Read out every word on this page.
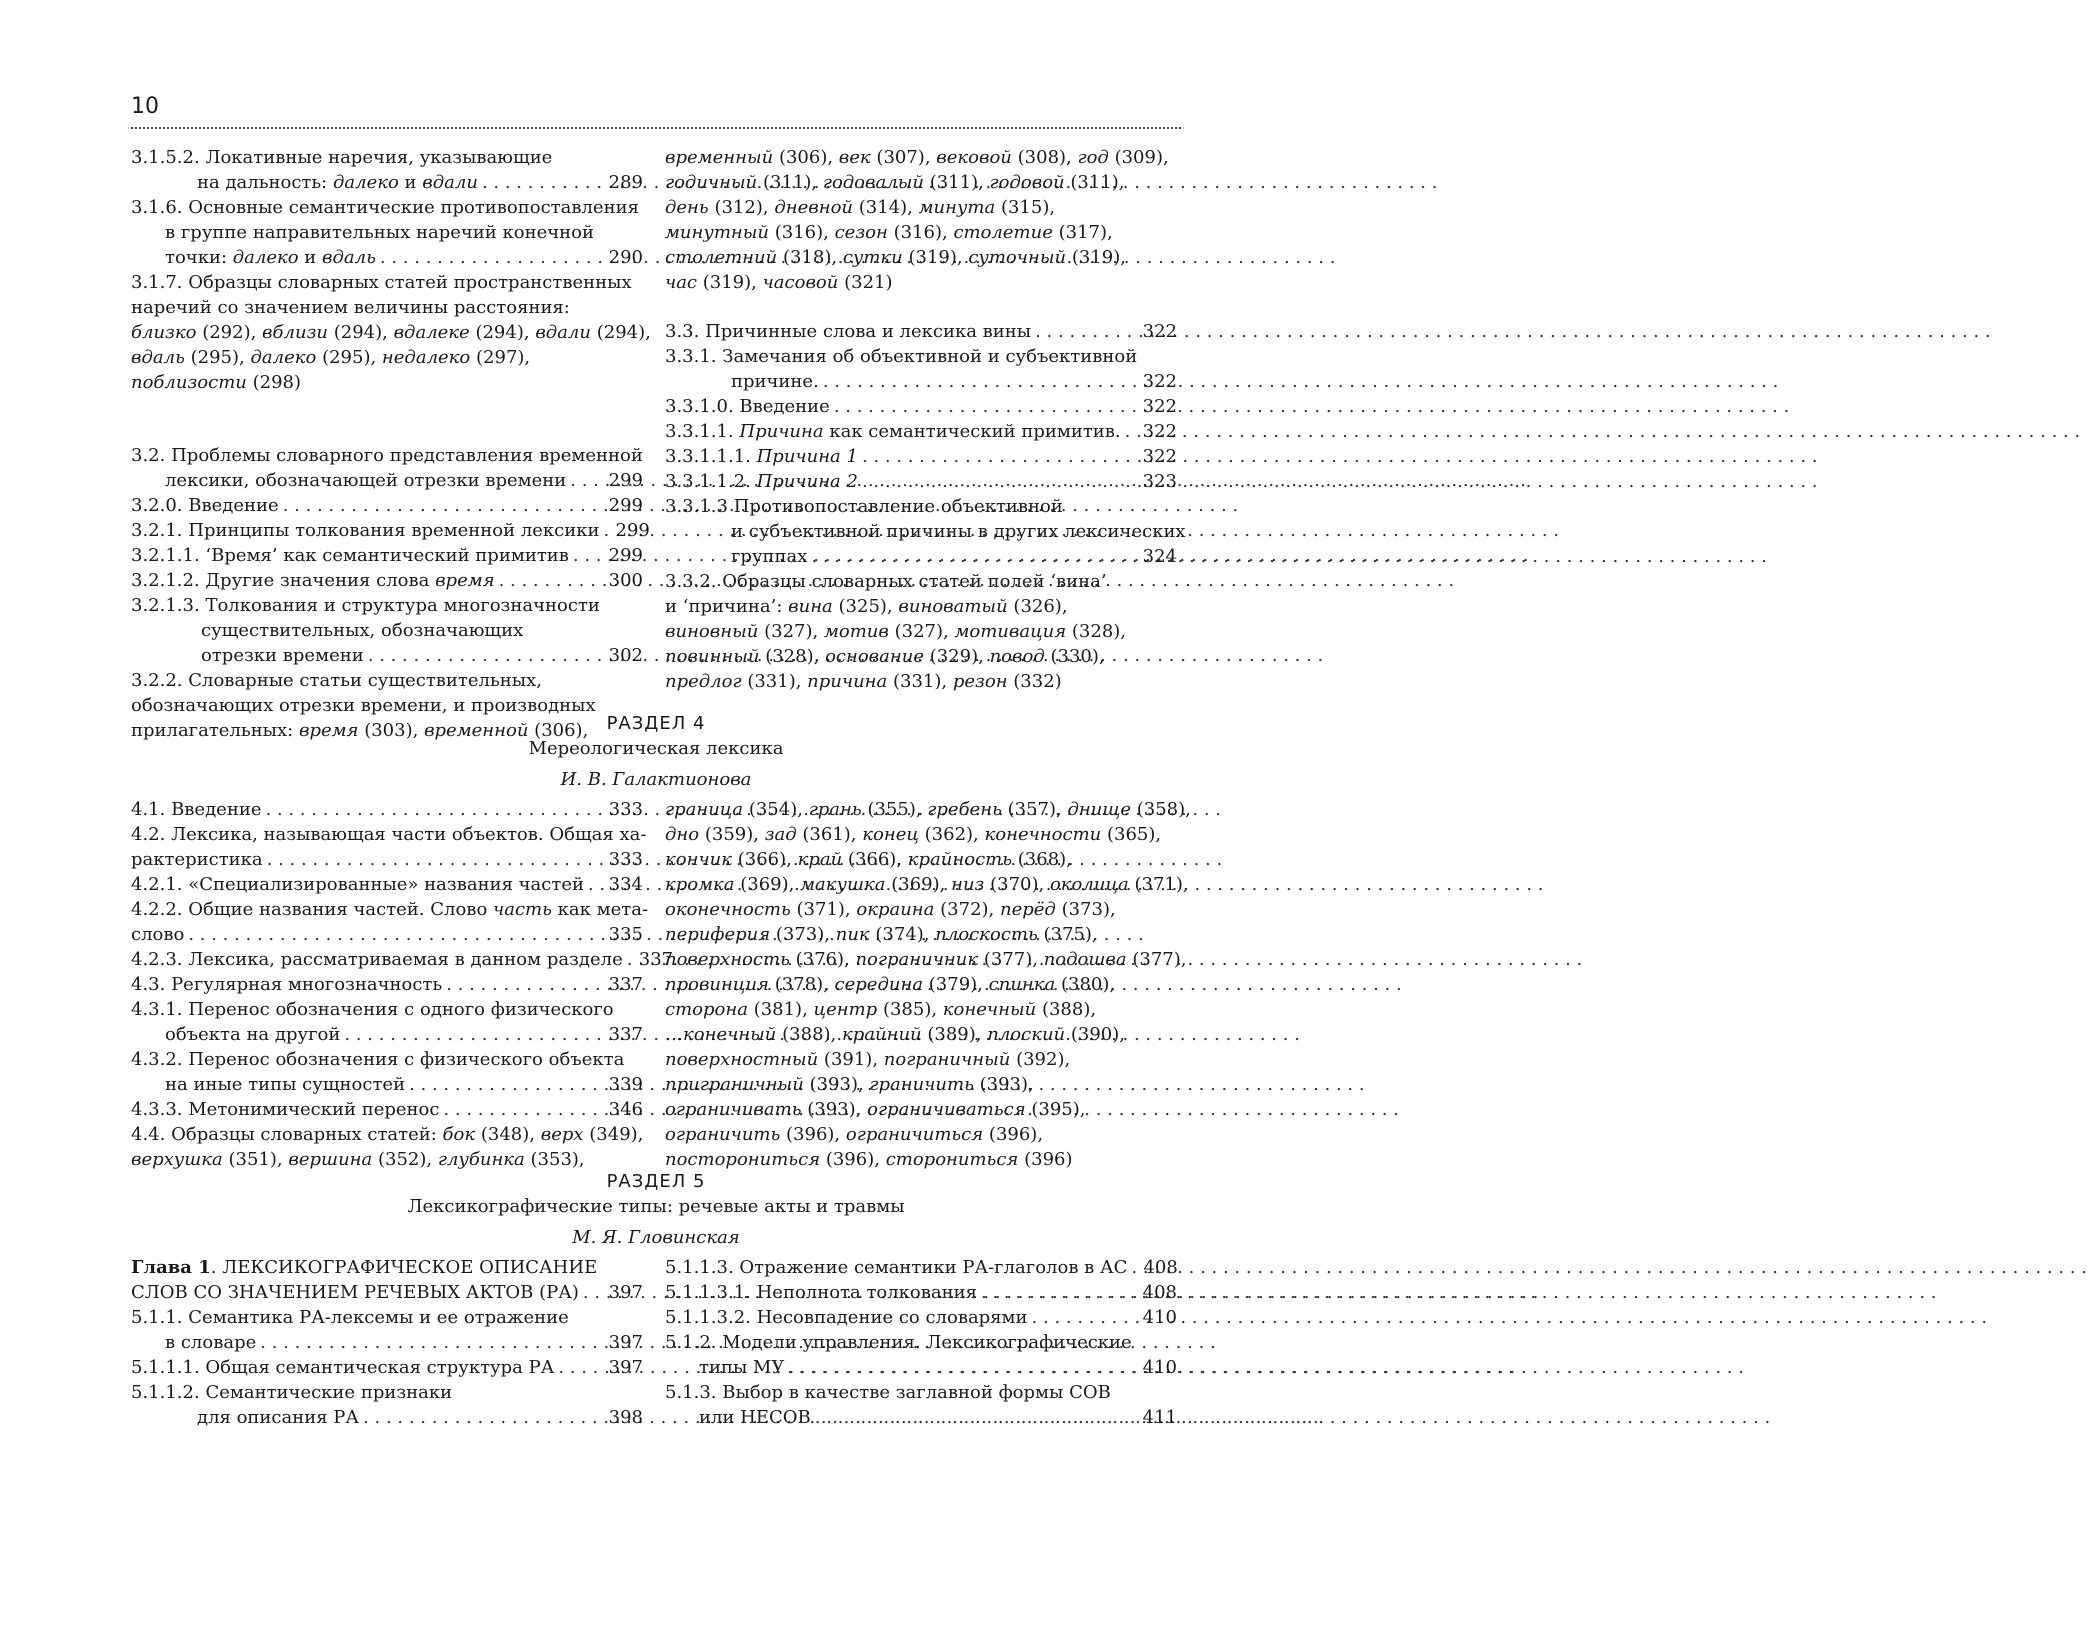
10
3.1.5.2. Локативные наречия, указывающие
на дальность: далеко и вдали . . .	289
3.1.6. Основные семантические противопоставления
в группе направительных наречий конечной
точки: далеко и вдаль . . .	290
3.1.7. Образцы словарных статей пространственных
наречий со значением величины расстояния:
близко (292), вблизи (294), вдалеке (294), вдали (294),
вдаль (295), далеко (295), недалеко (297),
поблизости (298)
3.2. Проблемы словарного представления временной
лексики, обозначающей отрезки времени . . . 299
3.2.0. Введение . . .	299
3.2.1. Принципы толкования временной лексики . . . 299
3.2.1.1. ‘Время’ как семантический примитив . . . 299
3.2.1.2. Другие значения слова время . . .	300
3.2.1.3. Толкования и структура многозначности
существительных, обозначающих
отрезки времени . . .	302
3.2.2. Словарные статьи существительных,
обозначающих отрезки времени, и производных
прилагательных: время (303), временной (306),
временный (306), век (307), вековой (308), год (309),
годичный (311), годовалый (311), годовой (311),
день (312), дневной (314), минута (315),
минутный (316), сезон (316), столетие (317),
столетний (318), сутки (319), суточный (319),
час (319), часовой (321)
3.3. Причинные слова и лексика вины . . .	322
3.3.1. Замечания об объективной и субъективной
причине. . . .	322
3.3.1.0. Введение . . .	322
3.3.1.1. Причина как семантический примитив. . . . 322
3.3.1.1.1. Причина 1 . . .	322
3.3.1.1.2. Причина 2 . . .	323
3.3.1.3 Противопоставление объективной
и субъективной причины в других лексических
группах . . .	324
3.3.2. Образцы словарных статей полей ‘вина’
и ‘причина’: вина (325), виноватый (326),
виновный (327), мотив (327), мотивация (328),
повинный (328), основание (329), повод (330),
предлог (331), причина (331), резон (332)
РАЗДЕЛ 4
Мереологическая лексика
И. В. Галактионова
4.1. Введение . . .	333
4.2. Лексика, называющая части объектов. Общая ха-
рактеристика . . .	333
4.2.1. «Специализированные» названия частей . . . 334
4.2.2. Общие названия частей. Слово часть как мета-
слово . . .	335
4.2.3. Лексика, рассматриваемая в данном разделе . . . 337
4.3. Регулярная многозначность . . .	337
4.3.1. Перенос обозначения с одного физического
объекта на другой . . .	337
4.3.2. Перенос обозначения с физического объекта
на иные типы сущностей . . .	339
4.3.3. Метонимический перенос . . .	346
4.4. Образцы словарных статей: бок (348), верх (349),
верхушка (351), вершина (352), глубинка (353),
граница (354), грань (355), гребень (357), днище (358),
дно (359), зад (361), конец (362), конечности (365),
кончик (366), край (366), крайность (368),
кромка (369), макушка (369), низ (370), околица (371),
оконечность (371), окраина (372), перёд (373),
периферия (373), пик (374), плоскость (375),
поверхность (376), пограничник (377), подошва (377),
провинция (378), середина (379), спинка (380),
сторона (381), центр (385), конечный (388),
…конечный (388), крайний (389), плоский (390),
поверхностный (391), пограничный (392),
приграничный (393), граничить (393),
ограничивать (393), ограничиваться (395),
ограничить (396), ограничиться (396),
посторониться (396), сторониться (396)
РАЗДЕЛ 5
Лексикографические типы: речевые акты и травмы
М. Я. Гловинская
Глава 1. ЛЕКСИКОГРАФИЧЕСКОЕ ОПИСАНИЕ
СЛОВ СО ЗНАЧЕНИЕМ РЕЧЕВЫХ АКТОВ (РА) . . . 397
5.1.1. Семантика РА-лексемы и ее отражение
в словаре . . .	397
5.1.1.1. Общая семантическая структура РА . . .	397
5.1.1.2. Семантические признаки
для описания РА . . .	398
5.1.1.3. Отражение семантики РА-глаголов в АС . . . 408
5.1.1.3.1. Неполнота толкования . . .	408
5.1.1.3.2. Несовпадение со словарями . . .	410
5.1.2. Модели управления. Лексикографические
типы МУ . . .	410
5.1.3. Выбор в качестве заглавной формы СОВ
или НЕСОВ . . .	411
